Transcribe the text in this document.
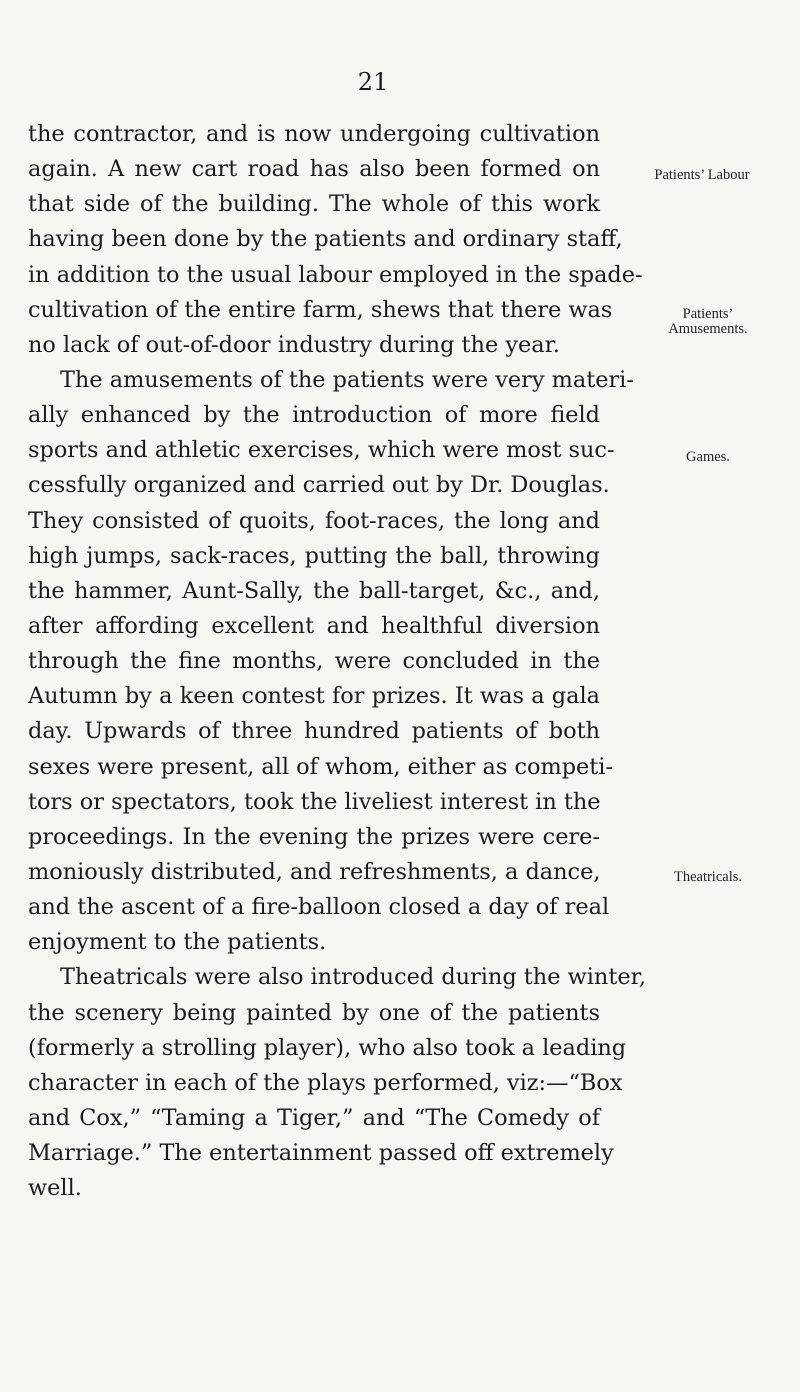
21
the contractor, and is now undergoing cultivation
again. A new cart road has also been formed on
that side of the building. The whole of this work
having been done by the patients and ordinary staff,
in addition to the usual labour employed in the spade-
cultivation of the entire farm, shews that there was
no lack of out-of-door industry during the year.
The amusements of the patients were very materi-
ally enhanced by the introduction of more field
sports and athletic exercises, which were most suc-
cessfully organized and carried out by Dr. Douglas.
They consisted of quoits, foot-races, the long and
high jumps, sack-races, putting the ball, throwing
the hammer, Aunt-Sally, the ball-target, &c., and,
after affording excellent and healthful diversion
through the fine months, were concluded in the
Autumn by a keen contest for prizes. It was a gala
day. Upwards of three hundred patients of both
sexes were present, all of whom, either as competi-
tors or spectators, took the liveliest interest in the
proceedings. In the evening the prizes were cere-
moniously distributed, and refreshments, a dance,
and the ascent of a fire-balloon closed a day of real
enjoyment to the patients.
Theatricals were also introduced during the winter,
the scenery being painted by one of the patients
(formerly a strolling player), who also took a leading
character in each of the plays performed, viz:—“Box
and Cox,” “Taming a Tiger,” and “The Comedy of
Marriage.” The entertainment passed off extremely
well.
Patients’ Labour
Patients’
Amusements.
Games.
Theatricals.
